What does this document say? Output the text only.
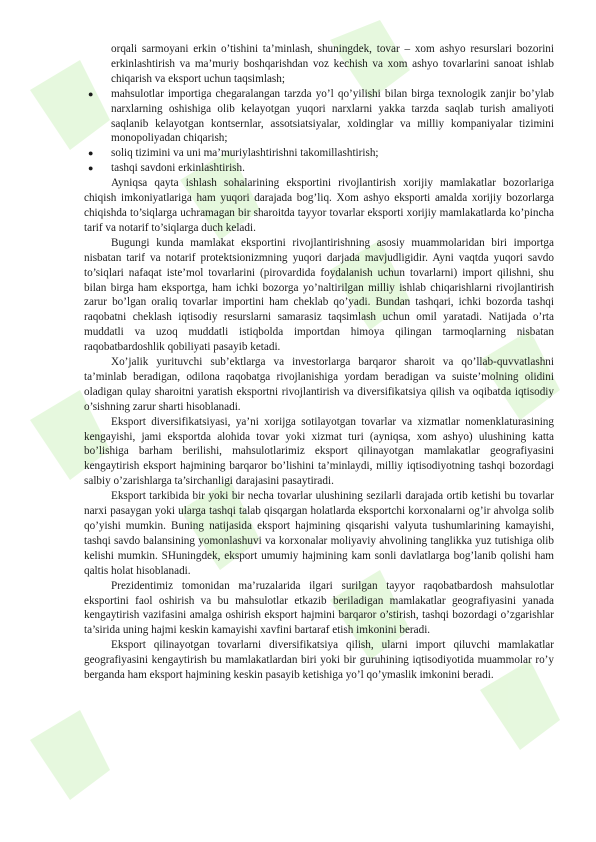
orqali sarmoyani erkin o’tishini ta’minlash, shuningdek, tovar – xom ashyo resurslari bozorini erkinlashtirish va ma’muriy boshqarishdan voz kechish va xom ashyo tovarlarini sanoat ishlab chiqarish va eksport uchun taqsimlash;

● mahsulotlar importiga chegaralangan tarzda yo’l qo’yilishi bilan birga texnologik zanjir bo’ylab narxlarning oshishiga olib kelayotgan yuqori narxlarni yakka tarzda saqlab turish amaliyoti saqlanib kelayotgan kontsernlar, assotsiatsiyalar, xoldinglar va milliy kompaniyalar tizimini monopoliyadan chiqarish;
● soliq tizimini va uni ma’muriylashtirishni takomillashtirish;
● tashqi savdoni erkinlashtirish.

Ayniqsa qayta ishlash sohalarining eksportini rivojlantirish xorijiy mamlakatlar bozorlariga chiqish imkoniyatlariga ham yuqori darajada bog’liq. Xom ashyo eksporti amalda xorijiy bozorlarga chiqishda to’siqlarga uchramagan bir sharoitda tayyor tovarlar eksporti xorijiy mamlakatlarda ko’pincha tarif va notarif to’siqlarga duch keladi.

Bugungi kunda mamlakat eksportini rivojlantirishning asosiy muammolaridan biri importga nisbatan tarif va notarif protektsionizmning yuqori darjada mavjudligidir. Ayni vaqtda yuqori savdo to’siqlari nafaqat iste’mol tovarlarini (pirovardida foydalanish uchun tovarlarni) import qilishni, shu bilan birga ham eksportga, ham ichki bozorga yo’naltirilgan milliy ishlab chiqarishlarni rivojlantirish zarur bo’lgan oraliq tovarlar importini ham cheklab qo’yadi. Bundan tashqari, ichki bozorda tashqi raqobatni cheklash iqtisodiy resurslarni samarasiz taqsimlash uchun omil yaratadi. Natijada o’rta muddatli va uzoq muddatli istiqbolda importdan himoya qilingan tarmoqlarning nisbatan raqobatbardoshlik qobiliyati pasayib ketadi.

Xo’jalik yurituvchi sub’ektlarga va investorlarga barqaror sharoit va qo’llab-quvvatlashni ta’minlab beradigan, odilona raqobatga rivojlanishiga yordam beradigan va suiste’molning olidini oladigan qulay sharoitni yaratish eksportni rivojlantirish va diversifikatsiya qilish va oqibatda iqtisodiy o’sishning zarur sharti hisoblanadi.

Eksport diversifikatsiyasi, ya’ni xorijga sotilayotgan tovarlar va xizmatlar nomenklaturasining kengayishi, jami eksportda alohida tovar yoki xizmat turi (ayniqsa, xom ashyo) ulushining katta bo’lishiga barham berilishi, mahsulotlarimiz eksport qilinayotgan mamlakatlar geografiyasini kengaytirish eksport hajmining barqaror bo’lishini ta’minlaydi, milliy iqtisodiyotning tashqi bozordagi salbiy o’zarishlarga ta’sirchanligi darajasini pasaytiradi.

Eksport tarkibida bir yoki bir necha tovarlar ulushining sezilarli darajada ortib ketishi bu tovarlar narxi pasaygan yoki ularga tashqi talab qisqargan holatlarda eksportchi korxonalarni og’ir ahvolga solib qo’yishi mumkin. Buning natijasida eksport hajmining qisqarishi valyuta tushumlarining kamayishi, tashqi savdo balansining yomonlashuvi va korxonalar moliyaviy ahvolining tanglikka yuz tutishiga olib kelishi mumkin. SHuningdek, eksport umumiy hajmining kam sonli davlatlarga bog’lanib qolishi ham qaltis holat hisoblanadi.

Prezidentimiz tomonidan ma’ruzalarida ilgari surilgan tayyor raqobatbardosh mahsulotlar eksportini faol oshirish va bu mahsulotlar etkazib beriladigan mamlakatlar geografiyasini yanada kengaytirish vazifasini amalga oshirish eksport hajmini barqaror o’stirish, tashqi bozordagi o’zgarishlar ta’sirida uning hajmi keskin kamayishi xavfini bartaraf etish imkonini beradi.

Eksport qilinayotgan tovarlarni diversifikatsiya qilish, ularni import qiluvchi mamlakatlar geografiyasini kengaytirish bu mamlakatlardan biri yoki bir guruhining iqtisodiyotida muammolar ro’y berganda ham eksport hajmining keskin pasayib ketishiga yo’l qo’ymaslik imkonini beradi.
